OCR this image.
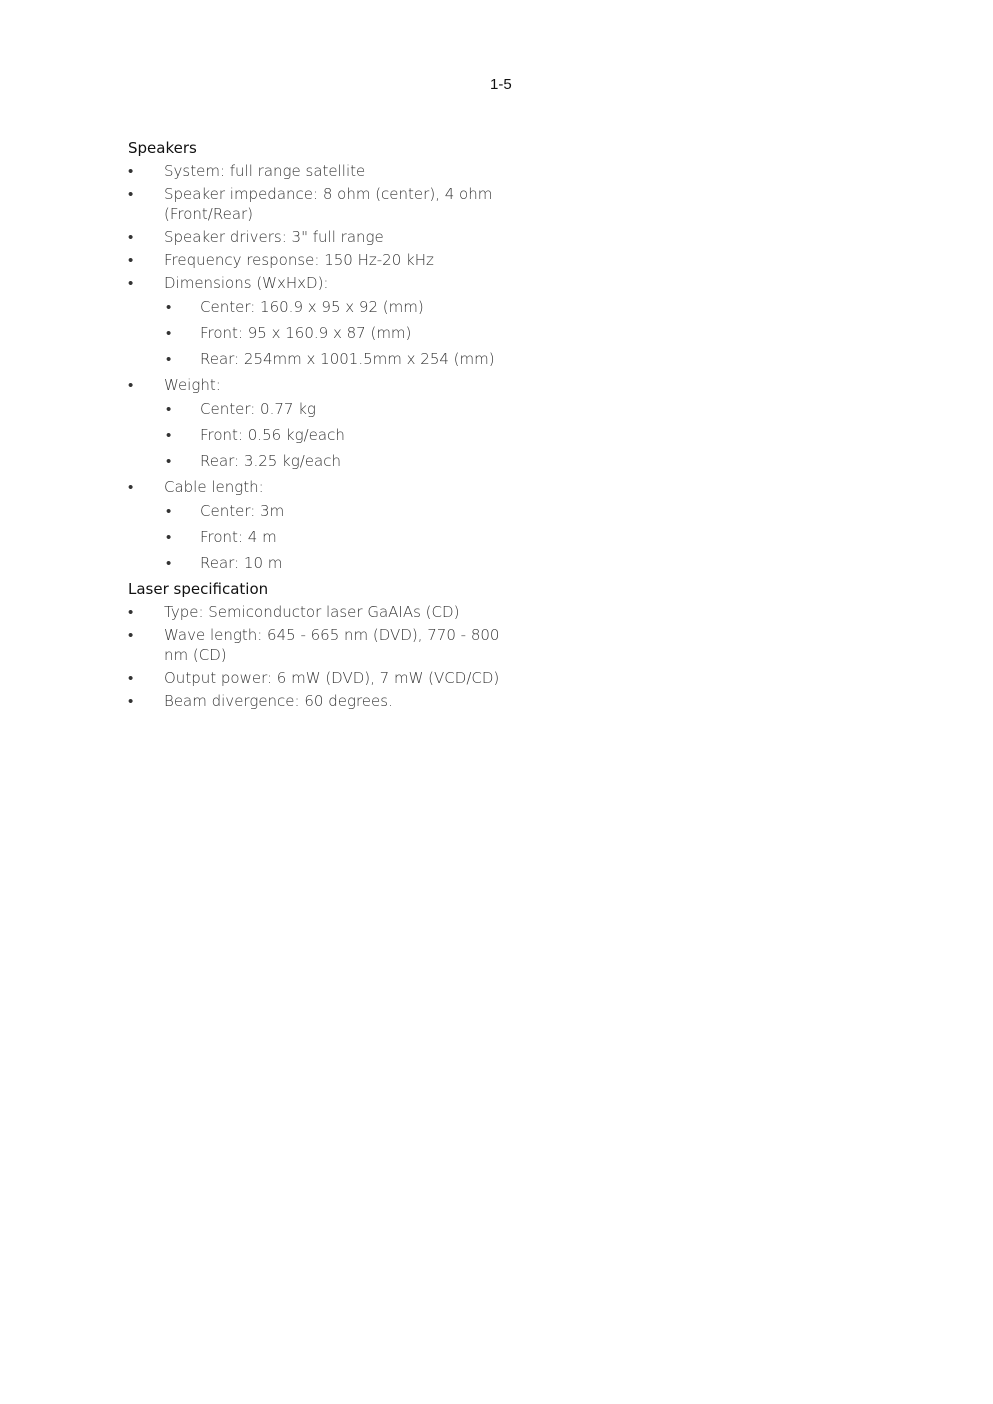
1-5
Speakers
• System: full range satellite
• Speaker impedance: 8 ohm (center), 4 ohm (Front/Rear)
• Speaker drivers: 3" full range
• Frequency response: 150 Hz-20 kHz
• Dimensions (WxHxD):
• Center: 160.9 x 95 x 92 (mm)
• Front: 95 x 160.9 x 87 (mm)
• Rear: 254mm x 1001.5mm x 254 (mm)
• Weight:
• Center: 0.77 kg
• Front: 0.56 kg/each
• Rear: 3.25 kg/each
• Cable length:
• Center: 3m
• Front: 4 m
• Rear: 10 m
Laser specification
• Type: Semiconductor laser GaAIAs (CD)
• Wave length: 645 - 665 nm (DVD), 770 - 800 nm (CD)
• Output power: 6 mW (DVD), 7 mW (VCD/CD)
• Beam divergence: 60 degrees.
